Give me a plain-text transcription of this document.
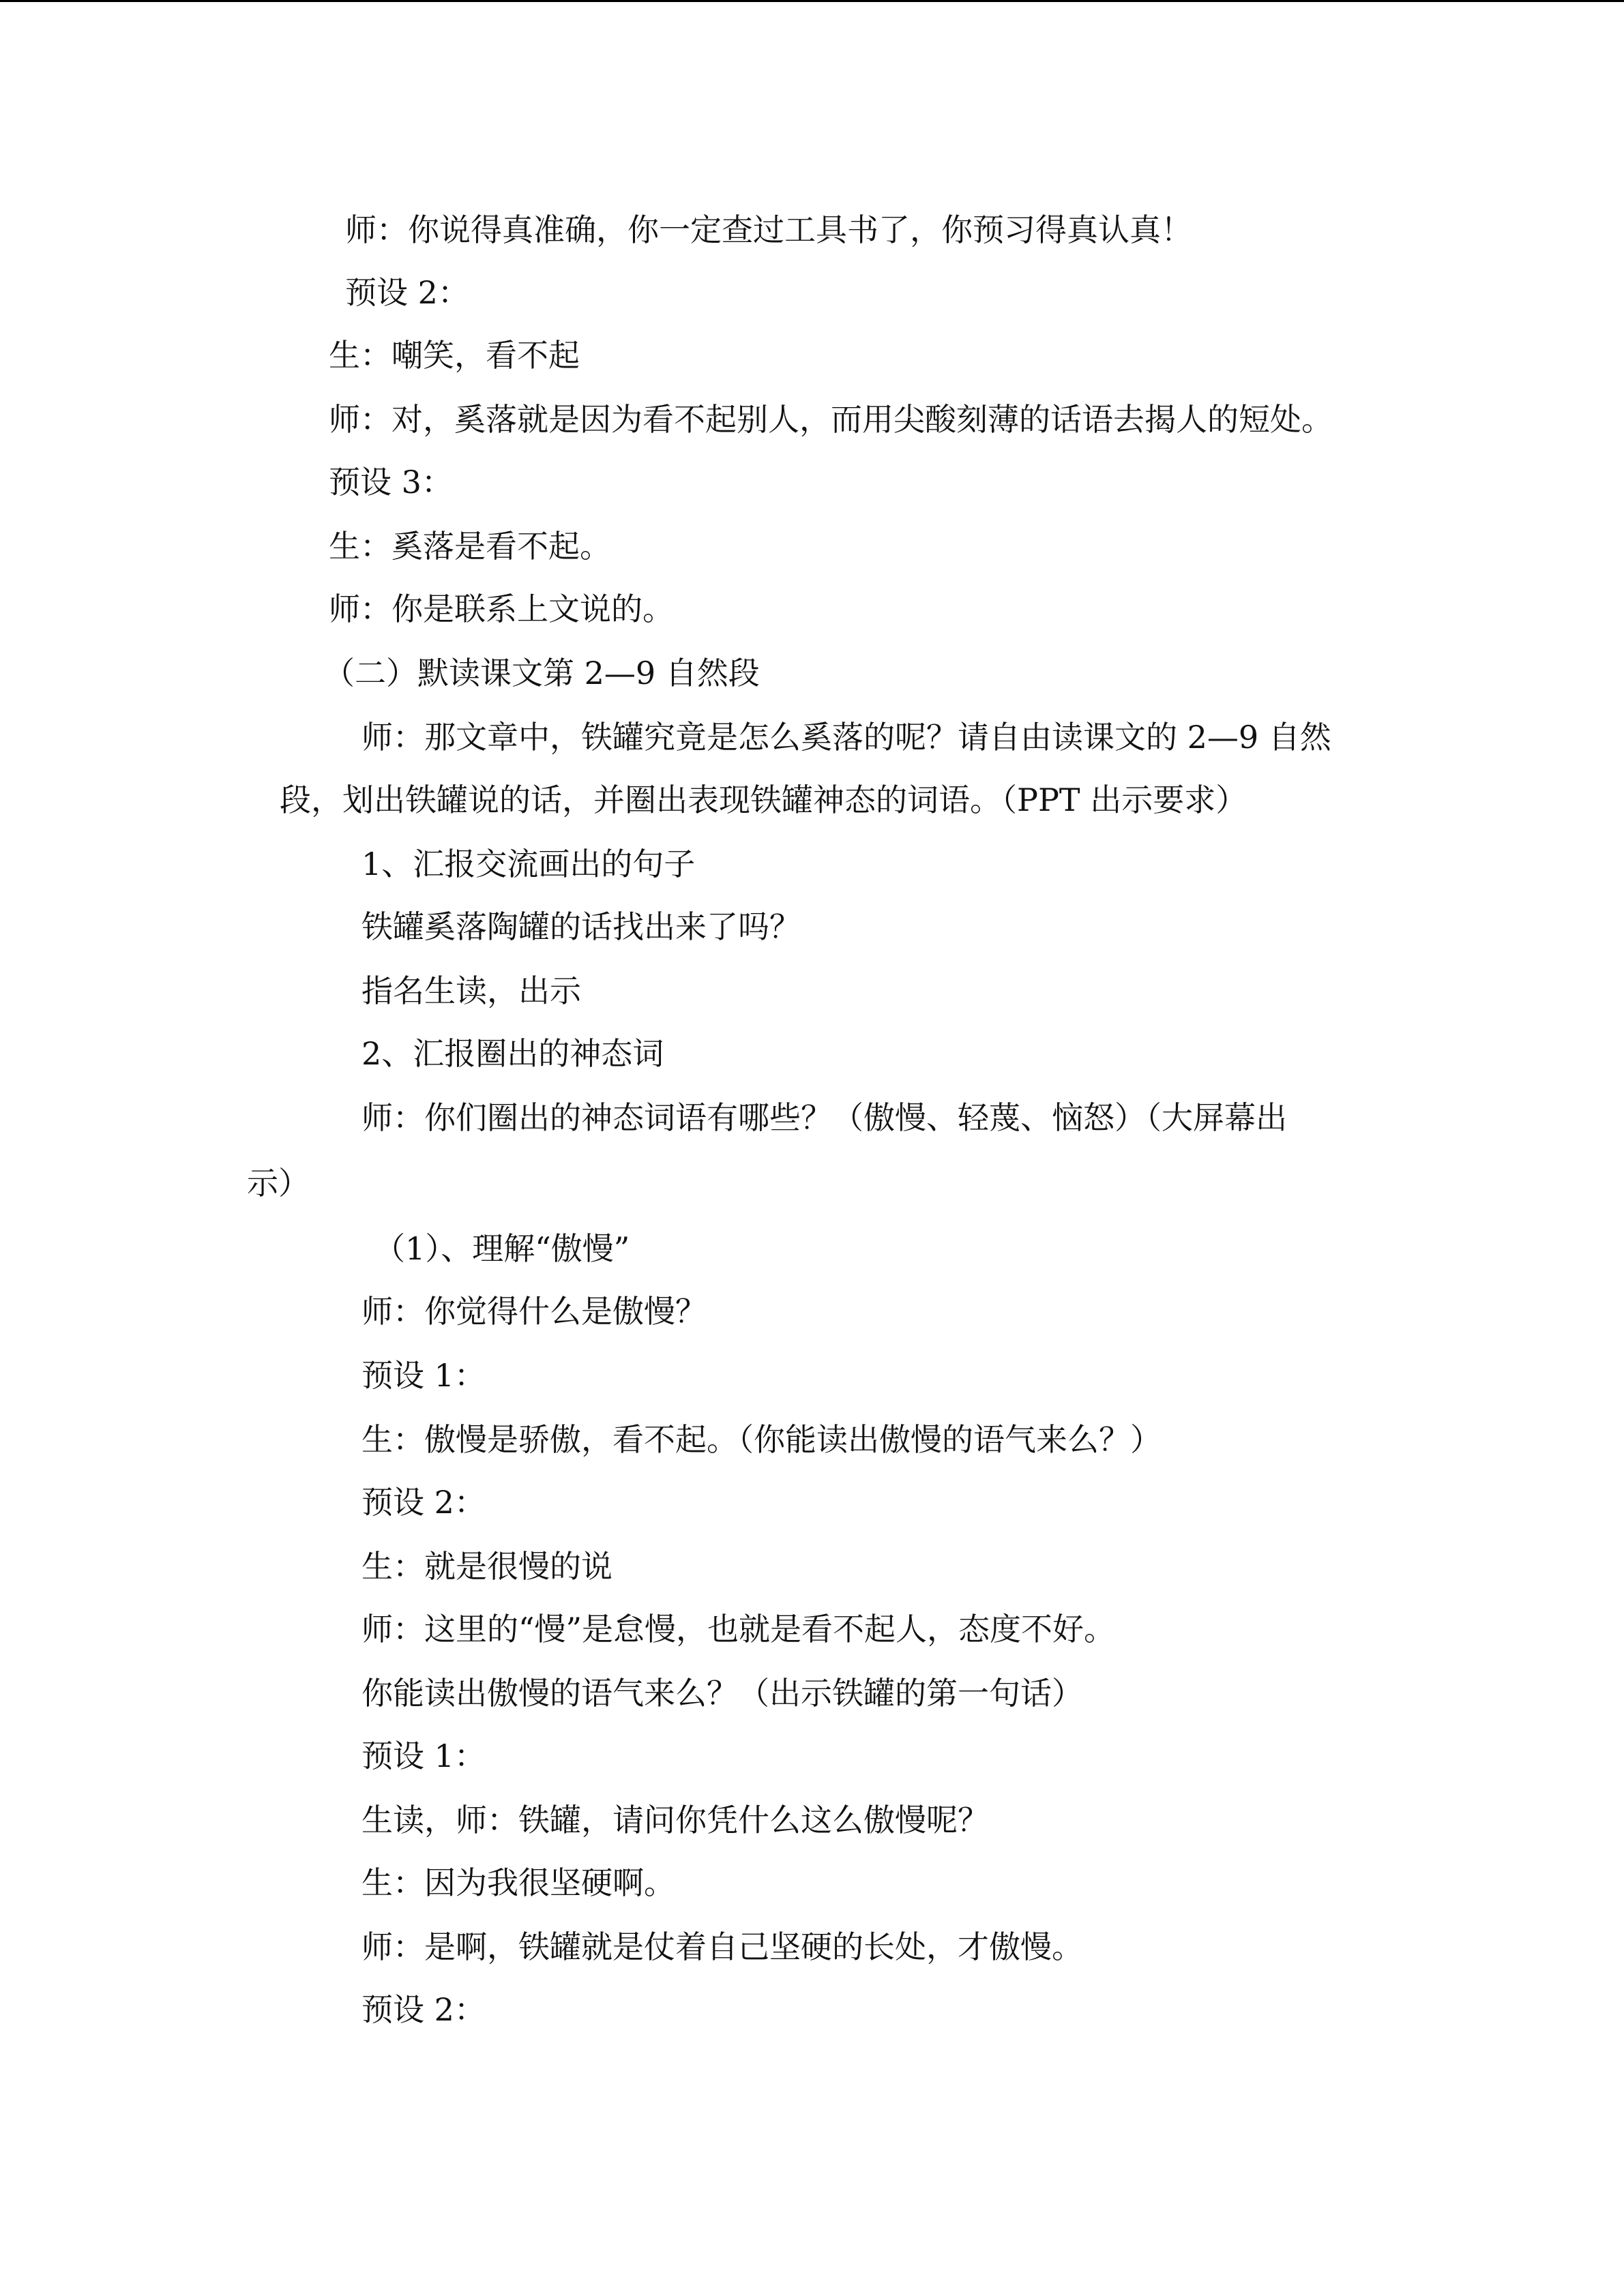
师：你说得真准确，你一定查过工具书了，你预习得真认真！
预设 2：
生：嘲笑，看不起
师：对，奚落就是因为看不起别人，而用尖酸刻薄的话语去揭人的短处。
预设 3：
生：奚落是看不起。
师：你是联系上文说的。
（二）默读课文第 2—9 自然段
师：那文章中，铁罐究竟是怎么奚落的呢？请自由读课文的 2—9 自然
段，划出铁罐说的话，并圈出表现铁罐神态的词语。（PPT 出示要求）
1、汇报交流画出的句子
铁罐奚落陶罐的话找出来了吗？
指名生读，出示
2、汇报圈出的神态词
师：你们圈出的神态词语有哪些？（傲慢、轻蔑、恼怒）（大屏幕出
示）
（1）、理解“傲慢”
师：你觉得什么是傲慢？
预设 1：
生：傲慢是骄傲，看不起。（你能读出傲慢的语气来么？）
预设 2：
生：就是很慢的说
师：这里的“慢”是怠慢，也就是看不起人，态度不好。
你能读出傲慢的语气来么？（出示铁罐的第一句话）
预设 1：
生读，师：铁罐，请问你凭什么这么傲慢呢？
生：因为我很坚硬啊。
师：是啊，铁罐就是仗着自己坚硬的长处，才傲慢。
预设 2：
